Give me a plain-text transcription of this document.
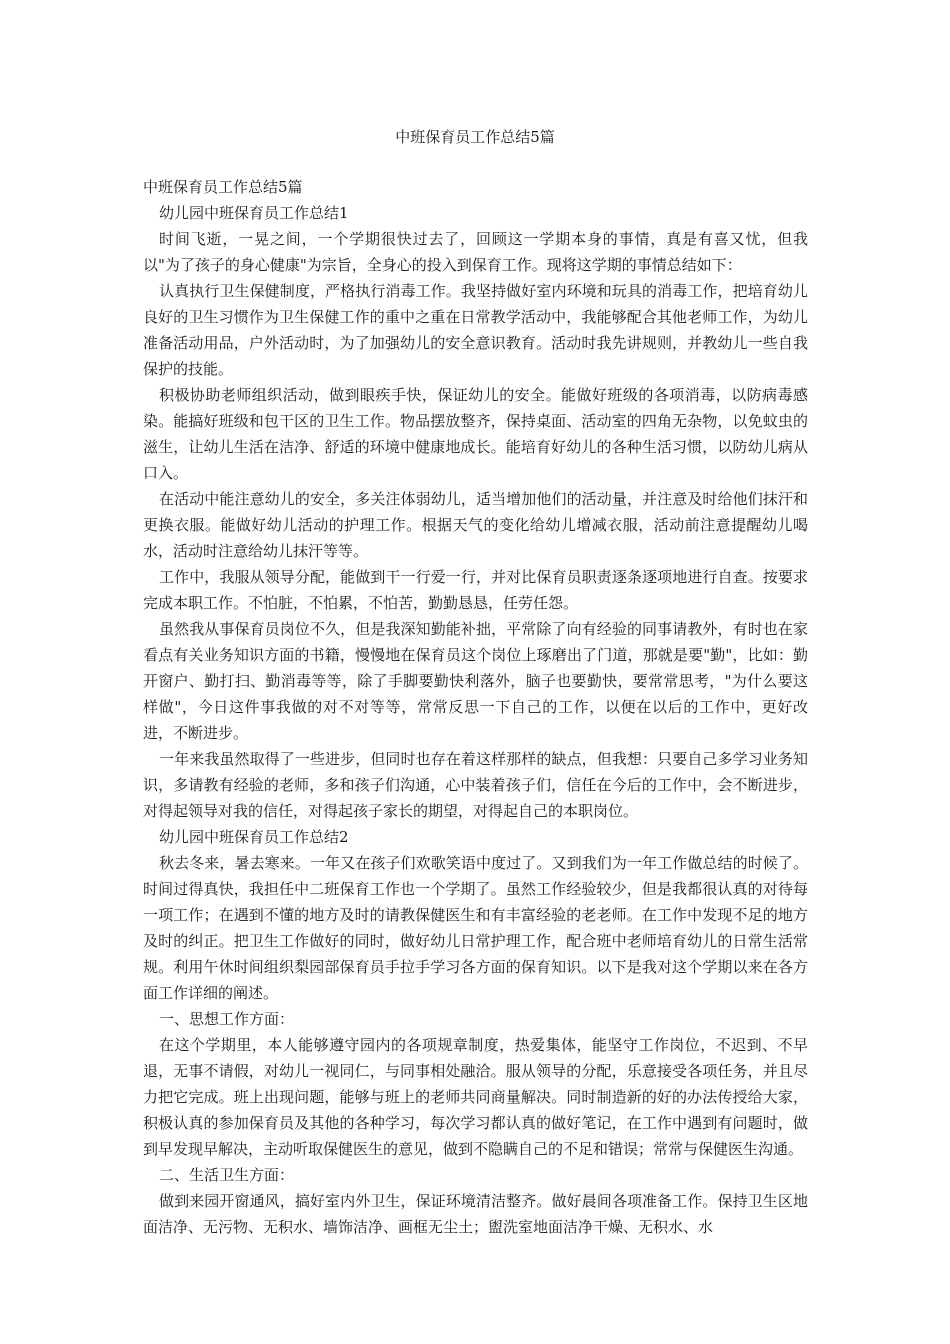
中班保育员工作总结5篇

中班保育员工作总结5篇

幼儿园中班保育员工作总结1

时间飞逝，一晃之间，一个学期很快过去了，回顾这一学期本身的事情，真是有喜又忧，但我以"为了孩子的身心健康"为宗旨，全身心的投入到保育工作。现将这学期的事情总结如下：

认真执行卫生保健制度，严格执行消毒工作。我坚持做好室内环境和玩具的消毒工作，把培育幼儿良好的卫生习惯作为卫生保健工作的重中之重在日常教学活动中，我能够配合其他老师工作，为幼儿准备活动用品，户外活动时，为了加强幼儿的安全意识教育。活动时我先讲规则，并教幼儿一些自我保护的技能。

积极协助老师组织活动，做到眼疾手快，保证幼儿的安全。能做好班级的各项消毒，以防病毒感染。能搞好班级和包干区的卫生工作。物品摆放整齐，保持桌面、活动室的四角无杂物，以免蚊虫的滋生，让幼儿生活在洁净、舒适的环境中健康地成长。能培育好幼儿的各种生活习惯，以防幼儿病从口入。

在活动中能注意幼儿的安全，多关注体弱幼儿，适当增加他们的活动量，并注意及时给他们抹汗和更换衣服。能做好幼儿活动的护理工作。根据天气的变化给幼儿增减衣服，活动前注意提醒幼儿喝水，活动时注意给幼儿抹汗等等。

工作中，我服从领导分配，能做到干一行爱一行，并对比保育员职责逐条逐项地进行自查。按要求完成本职工作。不怕脏，不怕累，不怕苦，勤勤恳恳，任劳任怨。

虽然我从事保育员岗位不久，但是我深知勤能补拙，平常除了向有经验的同事请教外，有时也在家看点有关业务知识方面的书籍，慢慢地在保育员这个岗位上琢磨出了门道，那就是要"勤"，比如：勤开窗户、勤打扫、勤消毒等等，除了手脚要勤快利落外，脑子也要勤快，要常常思考，"为什么要这样做"，今日这件事我做的对不对等等，常常反思一下自己的工作，以便在以后的工作中，更好改进，不断进步。

一年来我虽然取得了一些进步，但同时也存在着这样那样的缺点，但我想：只要自己多学习业务知识，多请教有经验的老师，多和孩子们沟通，心中装着孩子们，信任在今后的工作中，会不断进步，对得起领导对我的信任，对得起孩子家长的期望，对得起自己的本职岗位。

幼儿园中班保育员工作总结2

秋去冬来，暑去寒来。一年又在孩子们欢歌笑语中度过了。又到我们为一年工作做总结的时候了。时间过得真快，我担任中二班保育工作也一个学期了。虽然工作经验较少，但是我都很认真的对待每一项工作；在遇到不懂的地方及时的请教保健医生和有丰富经验的老老师。在工作中发现不足的地方及时的纠正。把卫生工作做好的同时，做好幼儿日常护理工作，配合班中老师培育幼儿的日常生活常规。利用午休时间组织梨园部保育员手拉手学习各方面的保育知识。以下是我对这个学期以来在各方面工作详细的阐述。

一、思想工作方面：

在这个学期里，本人能够遵守园内的各项规章制度，热爱集体，能坚守工作岗位，不迟到、不早退，无事不请假，对幼儿一视同仁，与同事相处融洽。服从领导的分配，乐意接受各项任务，并且尽力把它完成。班上出现问题，能够与班上的老师共同商量解决。同时制造新的好的办法传授给大家，积极认真的参加保育员及其他的各种学习，每次学习都认真的做好笔记，在工作中遇到有问题时，做到早发现早解决，主动听取保健医生的意见，做到不隐瞒自己的不足和错误；常常与保健医生沟通。

二、生活卫生方面：

做到来园开窗通风，搞好室内外卫生，保证环境清洁整齐。做好晨间各项准备工作。保持卫生区地面洁净、无污物、无积水、墙饰洁净、画框无尘土；盥洗室地面洁净干燥、无积水、水
